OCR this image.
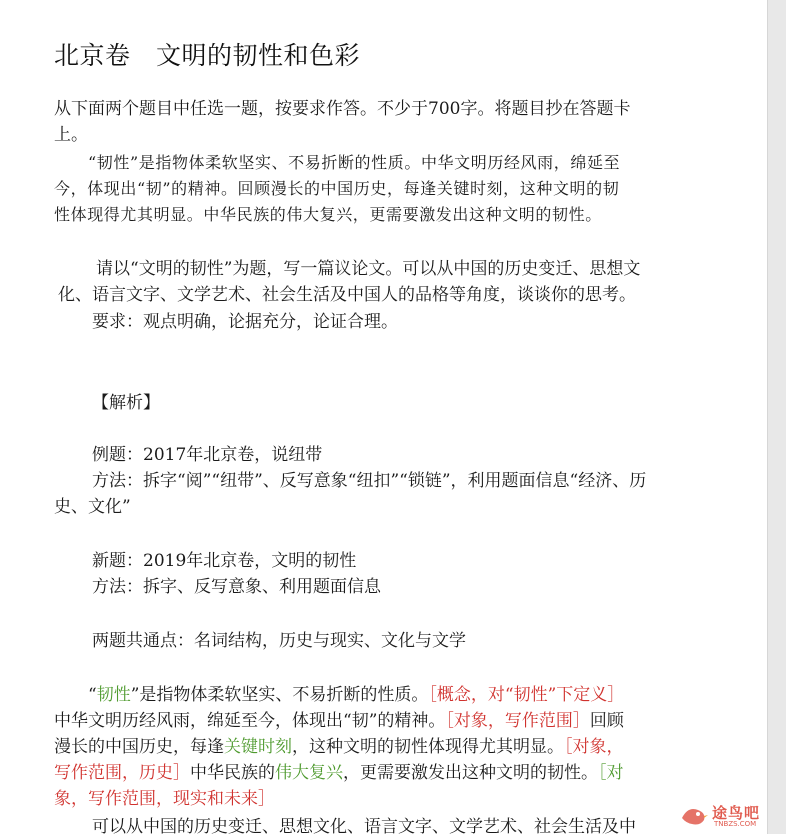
北京卷　文明的韧性和色彩
从下面两个题目中任选一题，按要求作答。不少于700字。将题目抄在答题卡
上。
“韧性”是指物体柔软坚实、不易折断的性质。中华文明历经风雨，绵延至
今，体现出“韧”的精神。回顾漫长的中国历史，每逢关键时刻，这种文明的韧
性体现得尤其明显。中华民族的伟大复兴，更需要激发出这种文明的韧性。
请以“文明的韧性”为题，写一篇议论文。可以从中国的历史变迁、思想文
化、语言文字、文学艺术、社会生活及中国人的品格等角度，谈谈你的思考。
要求：观点明确，论据充分，论证合理。
【解析】
例题：2017年北京卷，说纽带
方法：拆字“阅”“纽带”、反写意象“纽扣”“锁链”，利用题面信息“经济、历
史、文化”
新题：2019年北京卷，文明的韧性
方法：拆字、反写意象、利用题面信息
两题共通点：名词结构，历史与现实、文化与文学
“韧性”是指物体柔软坚实、不易折断的性质。［概念，对“韧性”下定义］
中华文明历经风雨，绵延至今，体现出“韧”的精神。［对象，写作范围］回顾
漫长的中国历史，每逢关键时刻，这种文明的韧性体现得尤其明显。［对象，
写作范围，历史］中华民族的伟大复兴，更需要激发出这种文明的韧性。［对
象，写作范围，现实和未来］
可以从中国的历史变迁、思想文化、语言文字、文学艺术、社会生活及中
途鸟吧
TNBZS.COM
